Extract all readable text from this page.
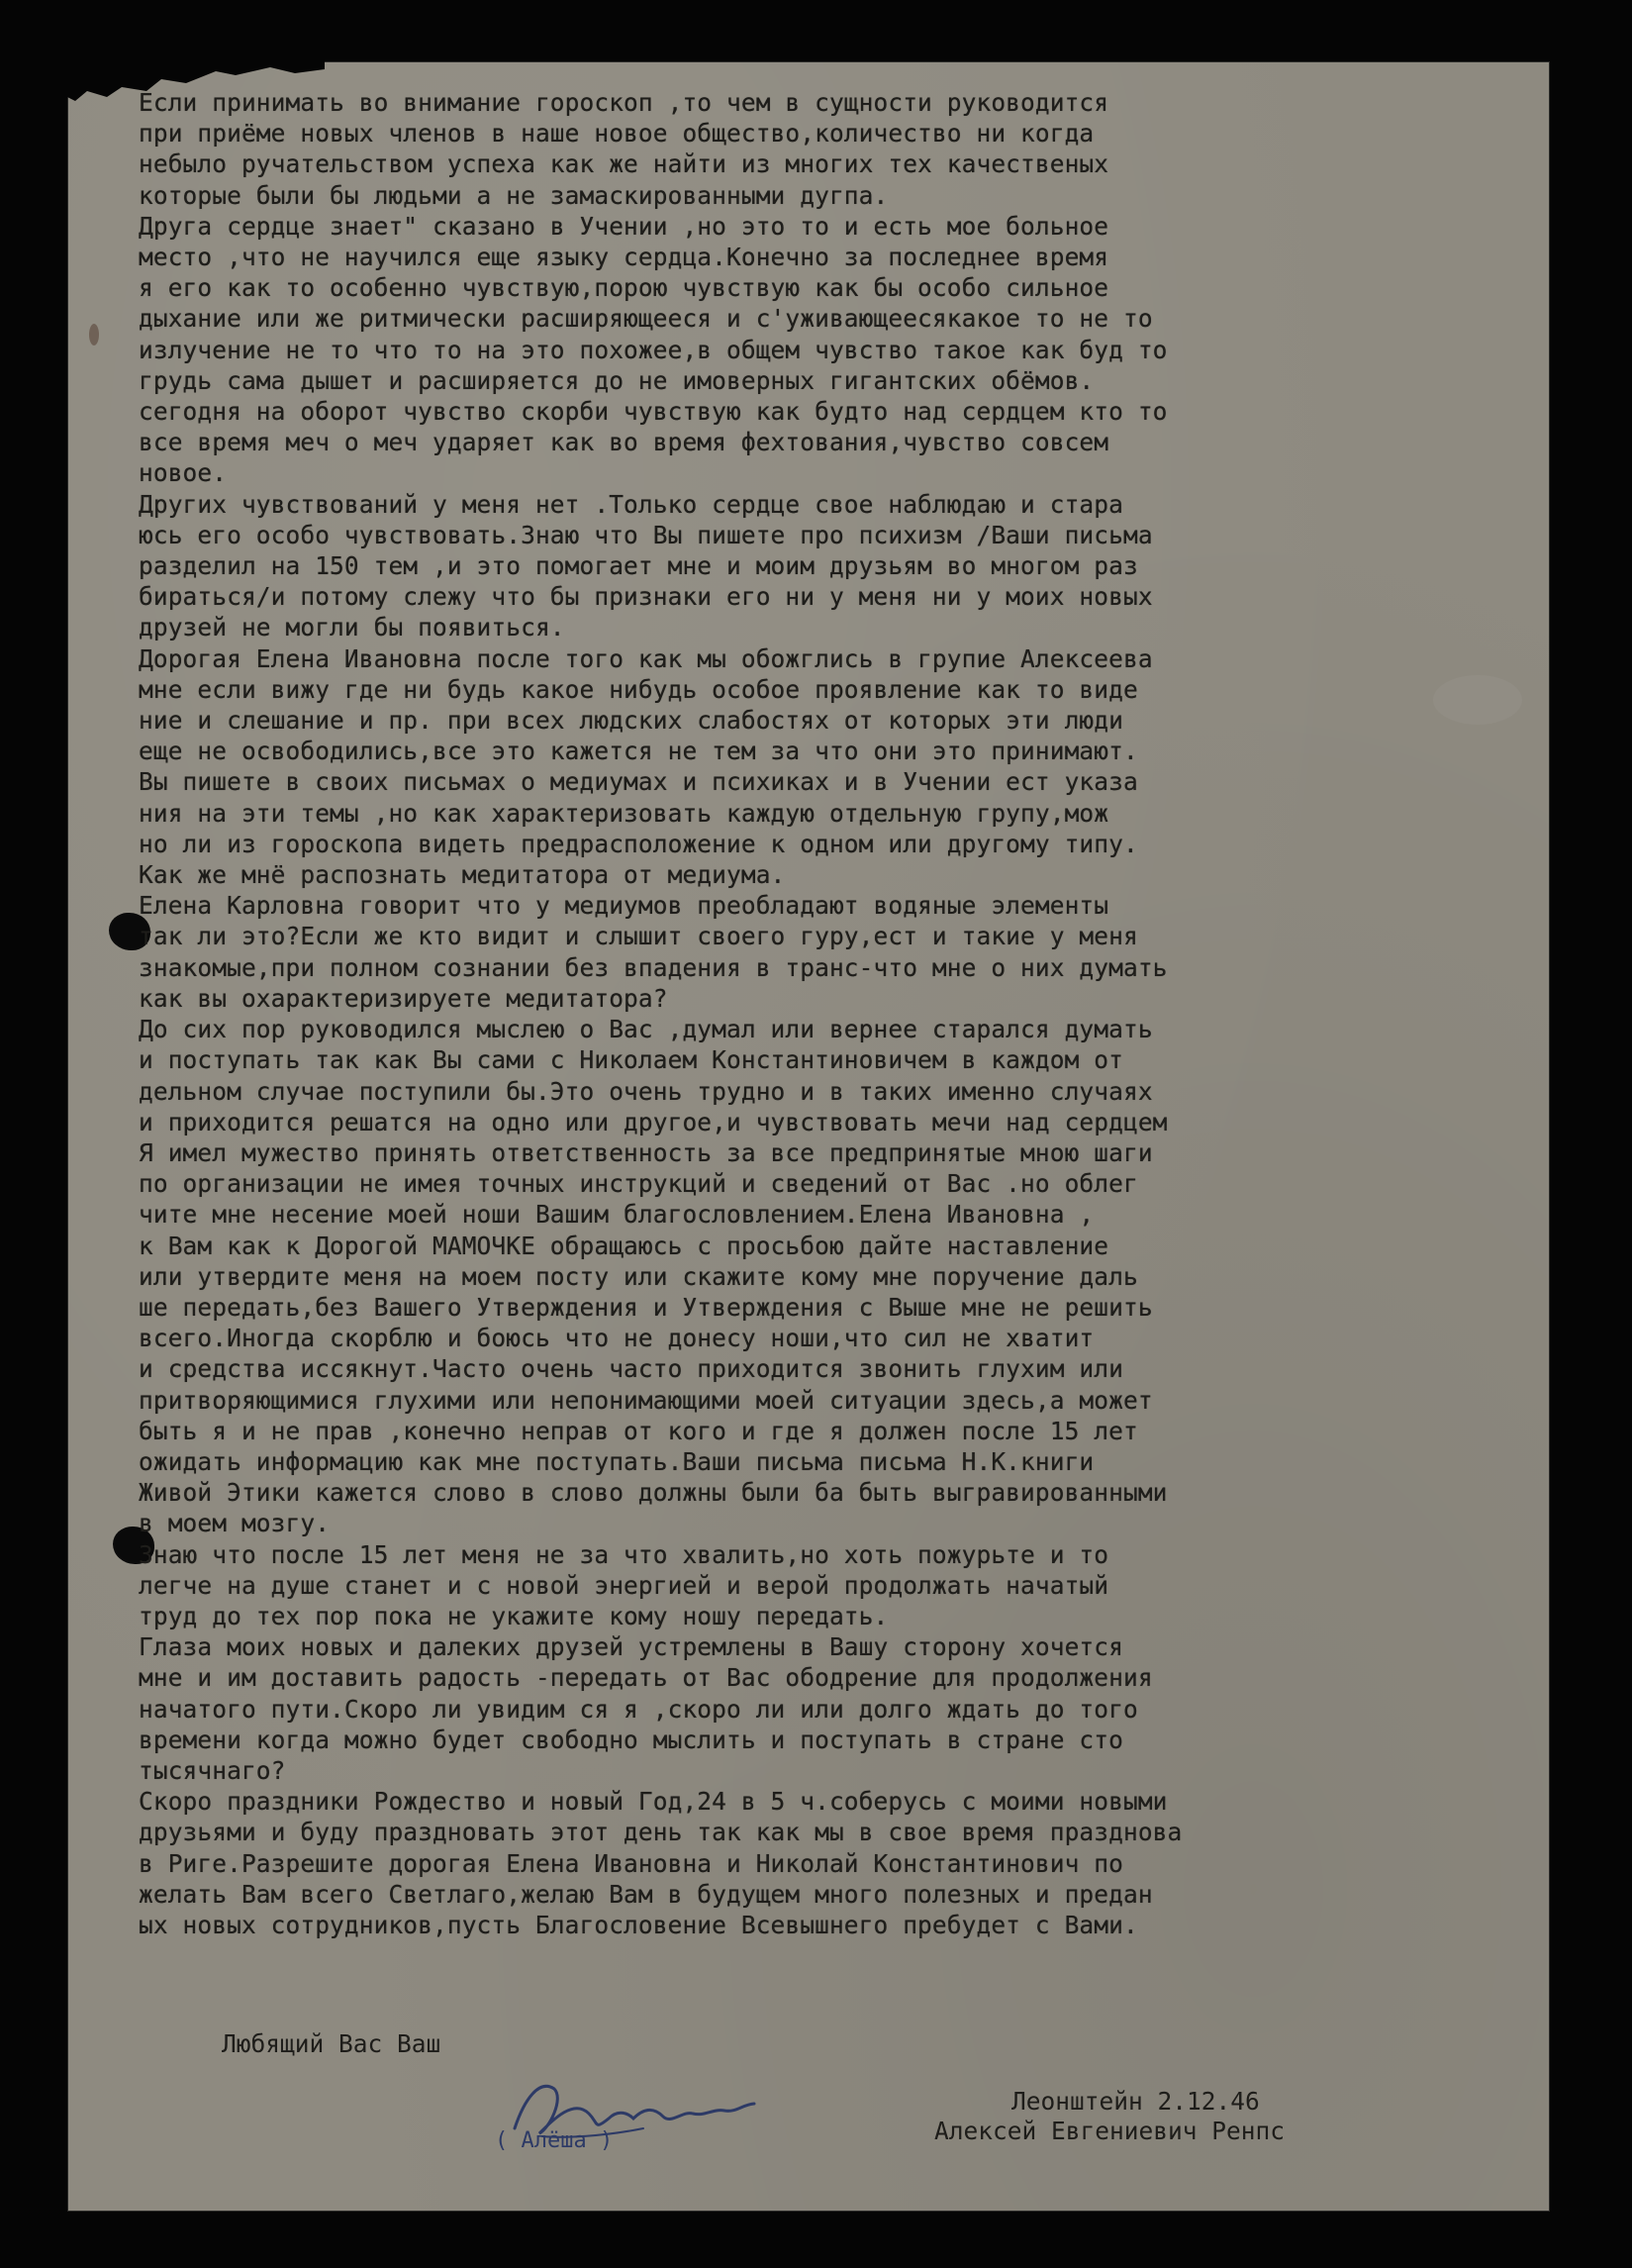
Если принимать во внимание гороскоп ,то чем в сущности руководится
при приёме новых членов в наше новое общество,количество ни когда
небыло ручательством успеха как же найти из многих тех качественых
которые были бы людьми а не замаскированными дугпа.
Друга сердце знает" сказано в Учении ,но это то и есть мое больное
место ,что не научился еще языку сердца.Конечно за последнее время
я его как то особенно чувствую,порою чувствую как бы особо сильное
дыхание или же ритмически расширяющееся и с'уживающеесякакое то не то
излучение не то что то на это похожее,в общем чувство такое как буд то
грудь сама дышет и расширяется до не имоверных гигантских обёмов.
сегодня на оборот чувство скорби чувствую как будто над сердцем кто то
все время меч о меч ударяет как во время фехтования,чувство совсем
новое.
Других чувствований у меня нет .Только сердце свое наблюдаю и стара
юсь его особо чувствовать.Знаю что Вы пишете про психизм /Ваши письма
разделил на 150 тем ,и это помогает мне и моим друзьям во многом раз
бираться/и потому слежу что бы признаки его ни у меня ни у моих новых
друзей не могли бы появиться.
Дорогая Елена Ивановна после того как мы обожглись в групие Алексеева
мне если вижу где ни будь какое нибудь особое проявление как то виде
ние и слешание и пр. при всех людских слабостях от которых эти люди
еще не освободились,все это кажется не тем за что они это принимают.
Вы пишете в своих письмах о медиумах и психиках и в Учении ест указа
ния на эти темы ,но как характеризовать каждую отдельную групу,мож
но ли из гороскопа видеть предрасположение к одном или другому типу.
Как же мнё распознать медитатора от медиума.
Елена Карловна говорит что у медиумов преобладают водяные элементы
так ли это?Если же кто видит и слышит своего гуру,ест и такие у меня
знакомые,при полном сознании без впадения в транс-что мне о них думать
как вы охарактеризируете медитатора?
До сих пор руководился мыслею о Вас ,думал или вернее старался думать
и поступать так как Вы сами с Николаем Константиновичем в каждом от
дельном случае поступили бы.Это очень трудно и в таких именно случаях
и приходится решатся на одно или другое,и чувствовать мечи над сердцем
Я имел мужество принять ответственность за все предпринятые мною шаги
по организации не имея точных инструкций и сведений от Вас .но облег
чите мне несение моей ноши Вашим благословлением.Елена Ивановна ,
к Вам как к Дорогой МАМОЧКЕ обращаюсь с просьбою дайте наставление
или утвердите меня на моем посту или скажите кому мне поручение даль
ше передать,без Вашего Утверждения и Утверждения с Выше мне не решить
всего.Иногда скорблю и боюсь что не донесу ноши,что сил не хватит
и средства иссякнут.Часто очень часто приходится звонить глухим или
притворяющимися глухими или непонимающими моей ситуации здесь,а может
быть я и не прав ,конечно неправ от кого и где я должен после 15 лет
ожидать информацию как мне поступать.Ваши письма письма Н.К.книги
Живой Этики кажется слово в слово должны были ба быть выгравированными
в моем мозгу.
Знаю что после 15 лет меня не за что хвалить,но хоть пожурьте и то
легче на душе станет и с новой энергией и верой продолжать начатый
труд до тех пор пока не укажите кому ношу передать.
Глаза моих новых и далеких друзей устремлены в Вашу сторону хочется
мне и им доставить радость -передать от Вас ободрение для продолжения
начатого пути.Скоро ли увидим ся я ,скоро ли или долго ждать до того
времени когда можно будет свободно мыслить и поступать в стране сто
тысячнаго?
Скоро праздники Рождество и новый Год,24 в 5 ч.соберусь с моими новыми
друзьями и буду праздновать этот день так как мы в свое время празднова
в Риге.Разрешите дорогая Елена Ивановна и Николай Константинович по
желать Вам всего Светлаго,желаю Вам в будущем много полезных и предан
ых новых сотрудников,пусть Благословение Всевышнего пребудет с Вами.
Любящий Вас Ваш
( Алёша )
Леонштейн 2.12.46
Алексей Евгениевич Ренпс
